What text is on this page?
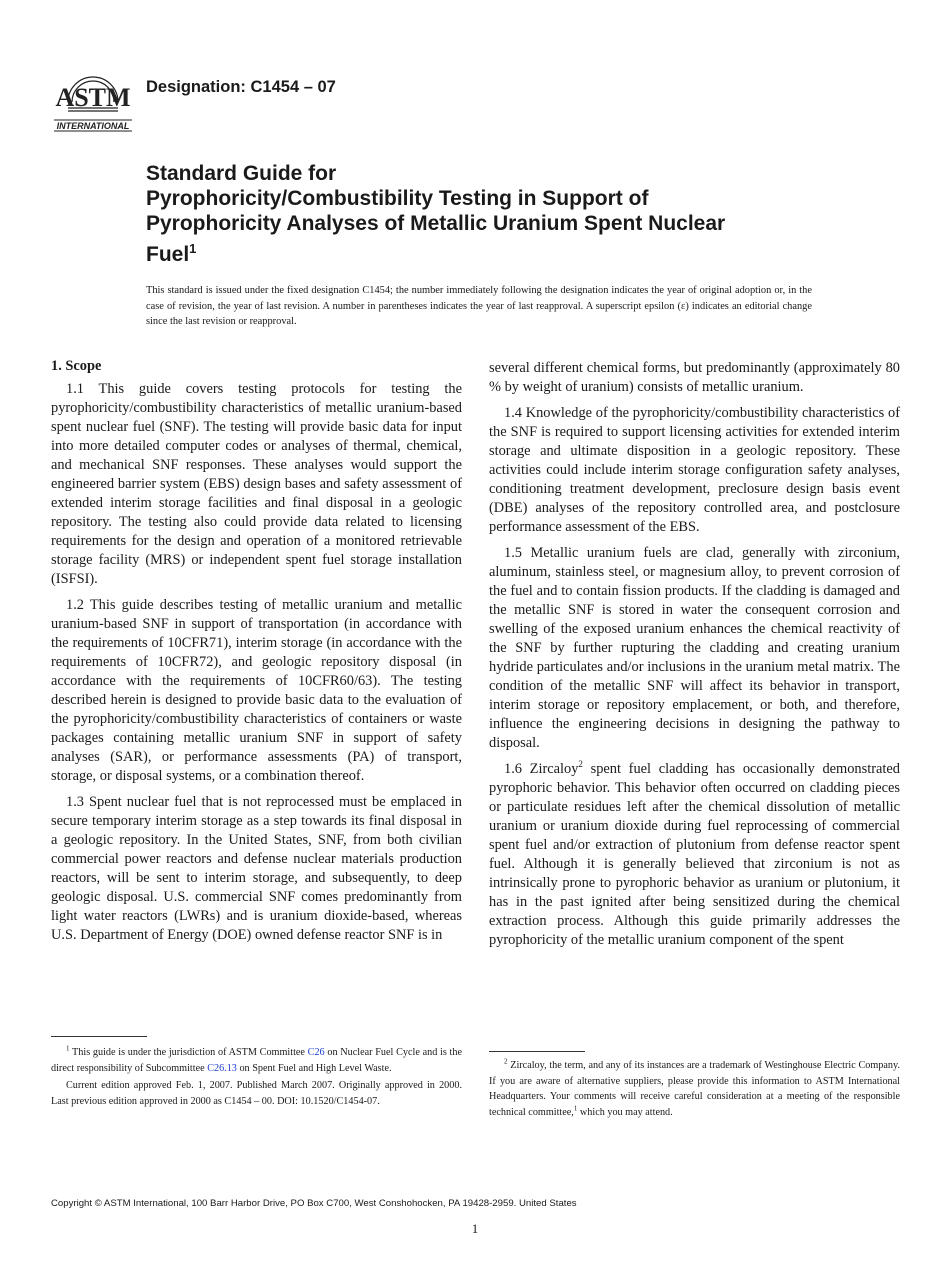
ASTM
INTERNATIONAL
Designation: C1454 – 07
Standard Guide for
Pyrophoricity/Combustibility Testing in Support of
Pyrophoricity Analyses of Metallic Uranium Spent Nuclear
Fuel$^1$
This standard is issued under the fixed designation C1454; the number immediately following the designation indicates the year of original adoption or, in the case of revision, the year of last revision. A number in parentheses indicates the year of last reapproval. A superscript epsilon (ε) indicates an editorial change since the last revision or reapproval.
1. Scope

1.1 This guide covers testing protocols for testing the pyrophoricity/combustibility characteristics of metallic uranium-based spent nuclear fuel (SNF). The testing will provide basic data for input into more detailed computer codes or analyses of thermal, chemical, and mechanical SNF responses. These analyses would support the engineered barrier system (EBS) design bases and safety assessment of extended interim storage facilities and final disposal in a geologic repository. The testing also could provide data related to licensing requirements for the design and operation of a monitored retrievable storage facility (MRS) or independent spent fuel storage installation (ISFSI).

1.2 This guide describes testing of metallic uranium and metallic uranium-based SNF in support of transportation (in accordance with the requirements of 10CFR71), interim storage (in accordance with the requirements of 10CFR72), and geologic repository disposal (in accordance with the requirements of 10CFR60/63). The testing described herein is designed to provide basic data to the evaluation of the pyrophoricity/combustibility characteristics of containers or waste packages containing metallic uranium SNF in support of safety analyses (SAR), or performance assessments (PA) of transport, storage, or disposal systems, or a combination thereof.

1.3 Spent nuclear fuel that is not reprocessed must be emplaced in secure temporary interim storage as a step towards its final disposal in a geologic repository. In the United States, SNF, from both civilian commercial power reactors and defense nuclear materials production reactors, will be sent to interim storage, and subsequently, to deep geologic disposal. U.S. commercial SNF comes predominantly from light water reactors (LWRs) and is uranium dioxide-based, whereas U.S. Department of Energy (DOE) owned defense reactor SNF is in

several different chemical forms, but predominantly (approximately 80 % by weight of uranium) consists of metallic uranium.

1.4 Knowledge of the pyrophoricity/combustibility characteristics of the SNF is required to support licensing activities for extended interim storage and ultimate disposition in a geologic repository. These activities could include interim storage configuration safety analyses, conditioning treatment development, preclosure design basis event (DBE) analyses of the repository controlled area, and postclosure performance assessment of the EBS.

1.5 Metallic uranium fuels are clad, generally with zirconium, aluminum, stainless steel, or magnesium alloy, to prevent corrosion of the fuel and to contain fission products. If the cladding is damaged and the metallic SNF is stored in water the consequent corrosion and swelling of the exposed uranium enhances the chemical reactivity of the SNF by further rupturing the cladding and creating uranium hydride particulates and/or inclusions in the uranium metal matrix. The condition of the metallic SNF will affect its behavior in transport, interim storage or repository emplacement, or both, and therefore, influence the engineering decisions in designing the pathway to disposal.

1.6 Zircaloy$^2$ spent fuel cladding has occasionally demonstrated pyrophoric behavior. This behavior often occurred on cladding pieces or particulate residues left after the chemical dissolution of metallic uranium or uranium dioxide during fuel reprocessing of commercial spent fuel and/or extraction of plutonium from defense reactor spent fuel. Although it is generally believed that zirconium is not as intrinsically prone to pyrophoric behavior as uranium or plutonium, it has in the past ignited after being sensitized during the chemical extraction process. Although this guide primarily addresses the pyrophoricity of the metallic uranium component of the spent

$^1$ This guide is under the jurisdiction of ASTM Committee C26 on Nuclear Fuel Cycle and is the direct responsibility of Subcommittee C26.13 on Spent Fuel and High Level Waste.

Current edition approved Feb. 1, 2007. Published March 2007. Originally approved in 2000. Last previous edition approved in 2000 as C1454 – 00. DOI: 10.1520/C1454-07.

$^2$ Zircaloy, the term, and any of its instances are a trademark of Westinghouse Electric Company. If you are aware of alternative suppliers, please provide this information to ASTM International Headquarters. Your comments will receive careful consideration at a meeting of the responsible technical committee,$^1$ which you may attend.

Copyright © ASTM International, 100 Barr Harbor Drive, PO Box C700, West Conshohocken, PA 19428-2959. United States
1
